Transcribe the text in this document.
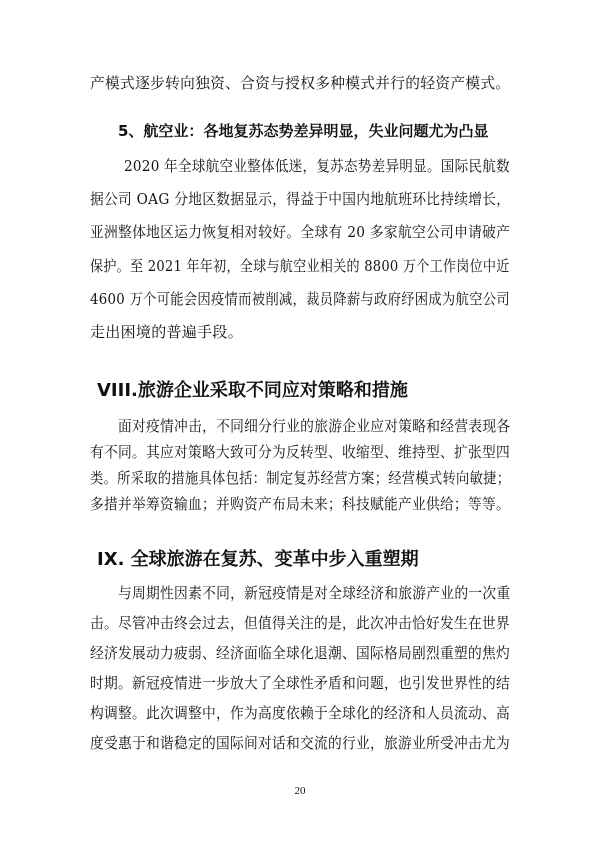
产模式逐步转向独资、合资与授权多种模式并行的轻资产模式。
5、航空业：各地复苏态势差异明显，失业问题尤为凸显
2020 年全球航空业整体低迷，复苏态势差异明显。国际民航数
据公司 OAG 分地区数据显示，得益于中国内地航班环比持续增长，
亚洲整体地区运力恢复相对较好。全球有 20 多家航空公司申请破产
保护。至 2021 年年初，全球与航空业相关的 8800 万个工作岗位中近
4600 万个可能会因疫情而被削减，裁员降薪与政府纾困成为航空公司
走出困境的普遍手段。
VIII.旅游企业采取不同应对策略和措施
面对疫情冲击，不同细分行业的旅游企业应对策略和经营表现各
有不同。其应对策略大致可分为反转型、收缩型、维持型、扩张型四
类。所采取的措施具体包括：制定复苏经营方案；经营模式转向敏捷；
多措并举筹资输血；并购资产布局未来；科技赋能产业供给；等等。
IX. 全球旅游在复苏、变革中步入重塑期
与周期性因素不同，新冠疫情是对全球经济和旅游产业的一次重
击。尽管冲击终会过去，但值得关注的是，此次冲击恰好发生在世界
经济发展动力疲弱、经济面临全球化退潮、国际格局剧烈重塑的焦灼
时期。新冠疫情进一步放大了全球性矛盾和问题，也引发世界性的结
构调整。此次调整中，作为高度依赖于全球化的经济和人员流动、高
度受惠于和谐稳定的国际间对话和交流的行业，旅游业所受冲击尤为
20
